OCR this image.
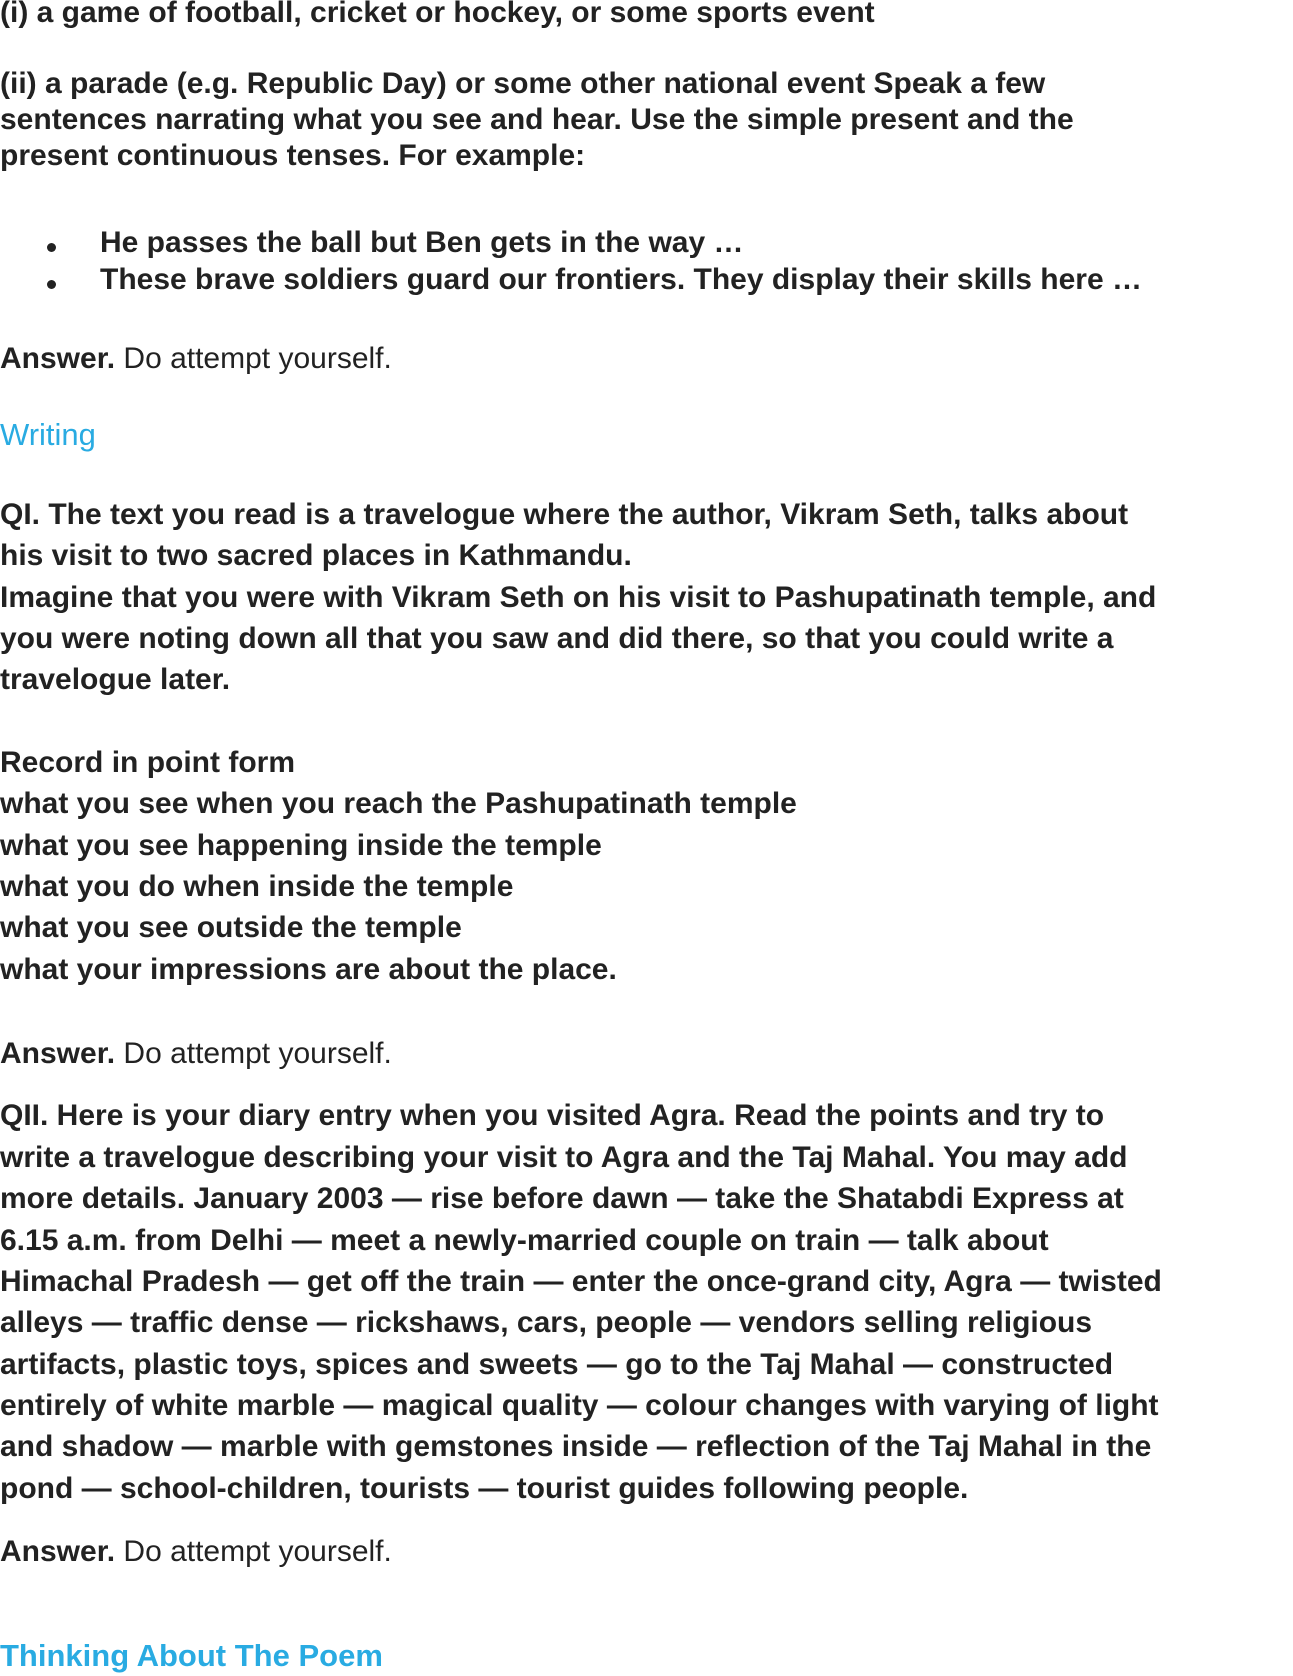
(i) a game of football, cricket or hockey, or some sports event
(ii) a parade (e.g. Republic Day) or some other national event Speak a few
sentences narrating what you see and hear. Use the simple present and the
present continuous tenses. For example:
He passes the ball but Ben gets in the way …
These brave soldiers guard our frontiers. They display their skills here …
Answer. Do attempt yourself.
Writing
QI. The text you read is a travelogue where the author, Vikram Seth, talks about
his visit to two sacred places in Kathmandu.
Imagine that you were with Vikram Seth on his visit to Pashupatinath temple, and
you were noting down all that you saw and did there, so that you could write a
travelogue later.
Record in point form
what you see when you reach the Pashupatinath temple
what you see happening inside the temple
what you do when inside the temple
what you see outside the temple
what your impressions are about the place.
Answer. Do attempt yourself.
QII. Here is your diary entry when you visited Agra. Read the points and try to
write a travelogue describing your visit to Agra and the Taj Mahal. You may add
more details. January 2003 — rise before dawn — take the Shatabdi Express at
6.15 a.m. from Delhi — meet a newly-married couple on train — talk about
Himachal Pradesh — get off the train — enter the once-grand city, Agra — twisted
alleys — traffic dense — rickshaws, cars, people — vendors selling religious
artifacts, plastic toys, spices and sweets — go to the Taj Mahal — constructed
entirely of white marble — magical quality — colour changes with varying of light
and shadow — marble with gemstones inside — reflection of the Taj Mahal in the
pond — school-children, tourists — tourist guides following people.
Answer. Do attempt yourself.
Thinking About The Poem
